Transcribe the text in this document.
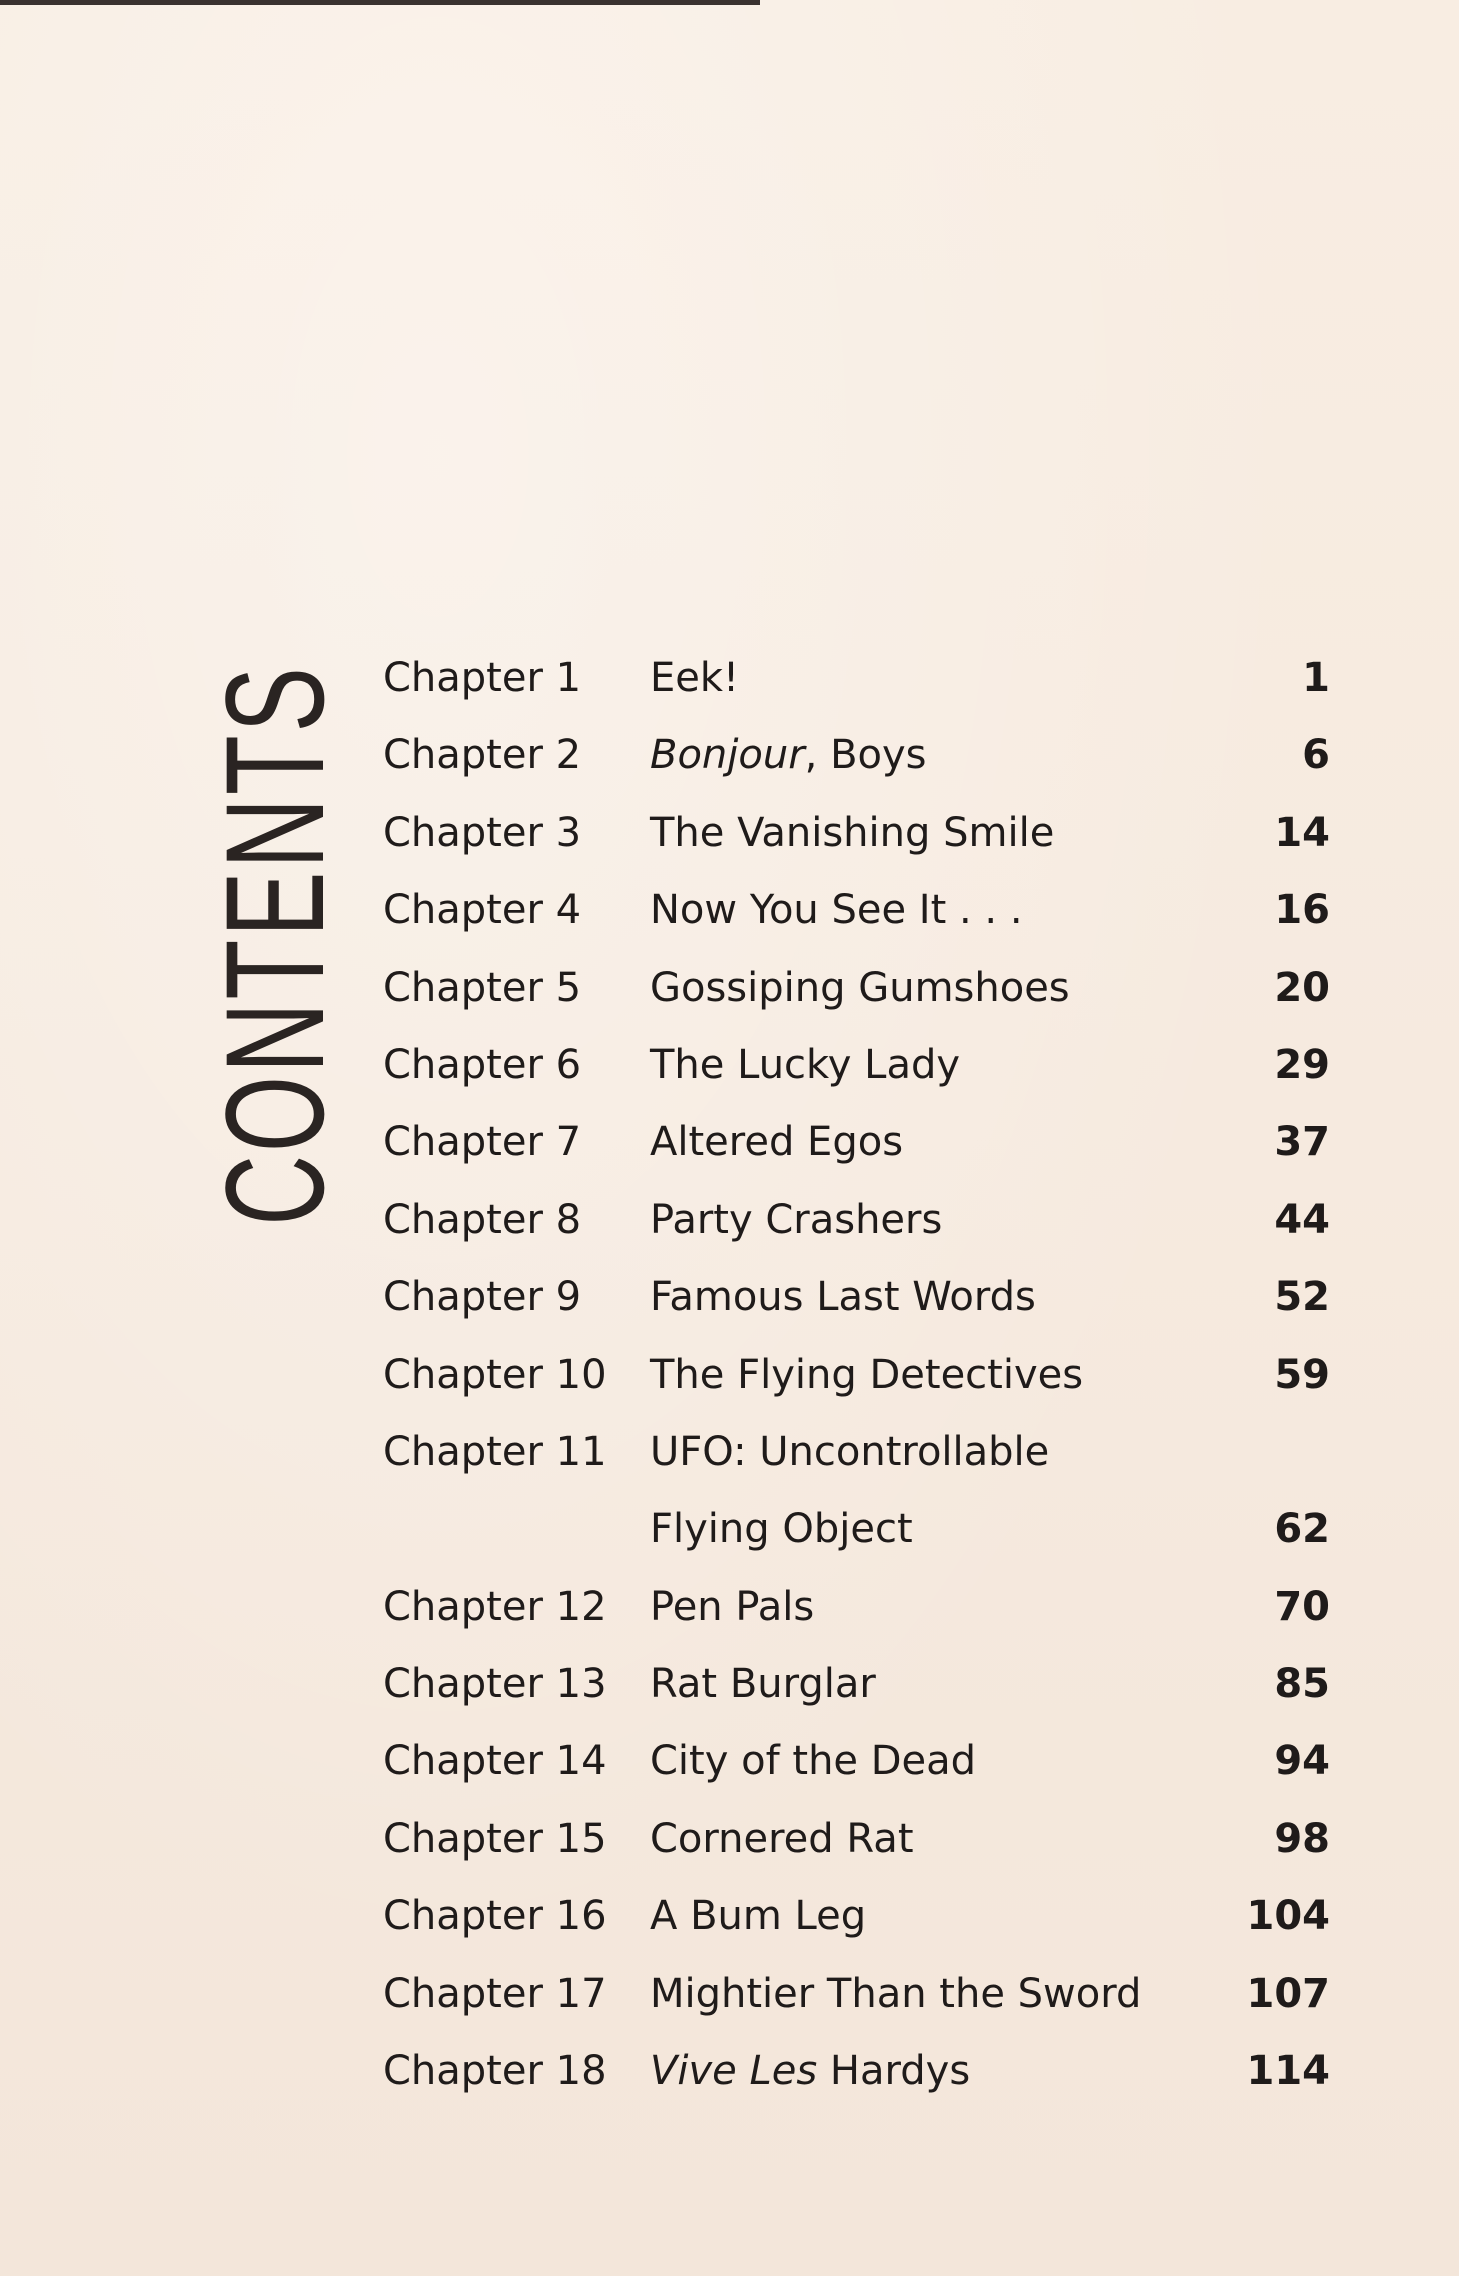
CONTENTS Chapter 1 Eek!	1
Chapter 2 Bonjour, Boys	6
Chapter 3 The Vanishing Smile	14
Chapter 4 Now You See It . . .	16
Chapter 5 Gossiping Gumshoes	20
Chapter 6 The Lucky Lady	29
Chapter 7 Altered Egos	37
Chapter 8 Party Crashers	44
Chapter 9 Famous Last Words	52
Chapter 10 The Flying Detectives	59
Chapter 11 UFO: Uncontrollable
Flying Object	62
Chapter 12 Pen Pals	70
Chapter 13 Rat Burglar	85
Chapter 14 City of the Dead	94
Chapter 15 Cornered Rat	98
Chapter 16 A Bum Leg	104
Chapter 17 Mightier Than the Sword	107
Chapter 18 Vive Les Hardys	114
